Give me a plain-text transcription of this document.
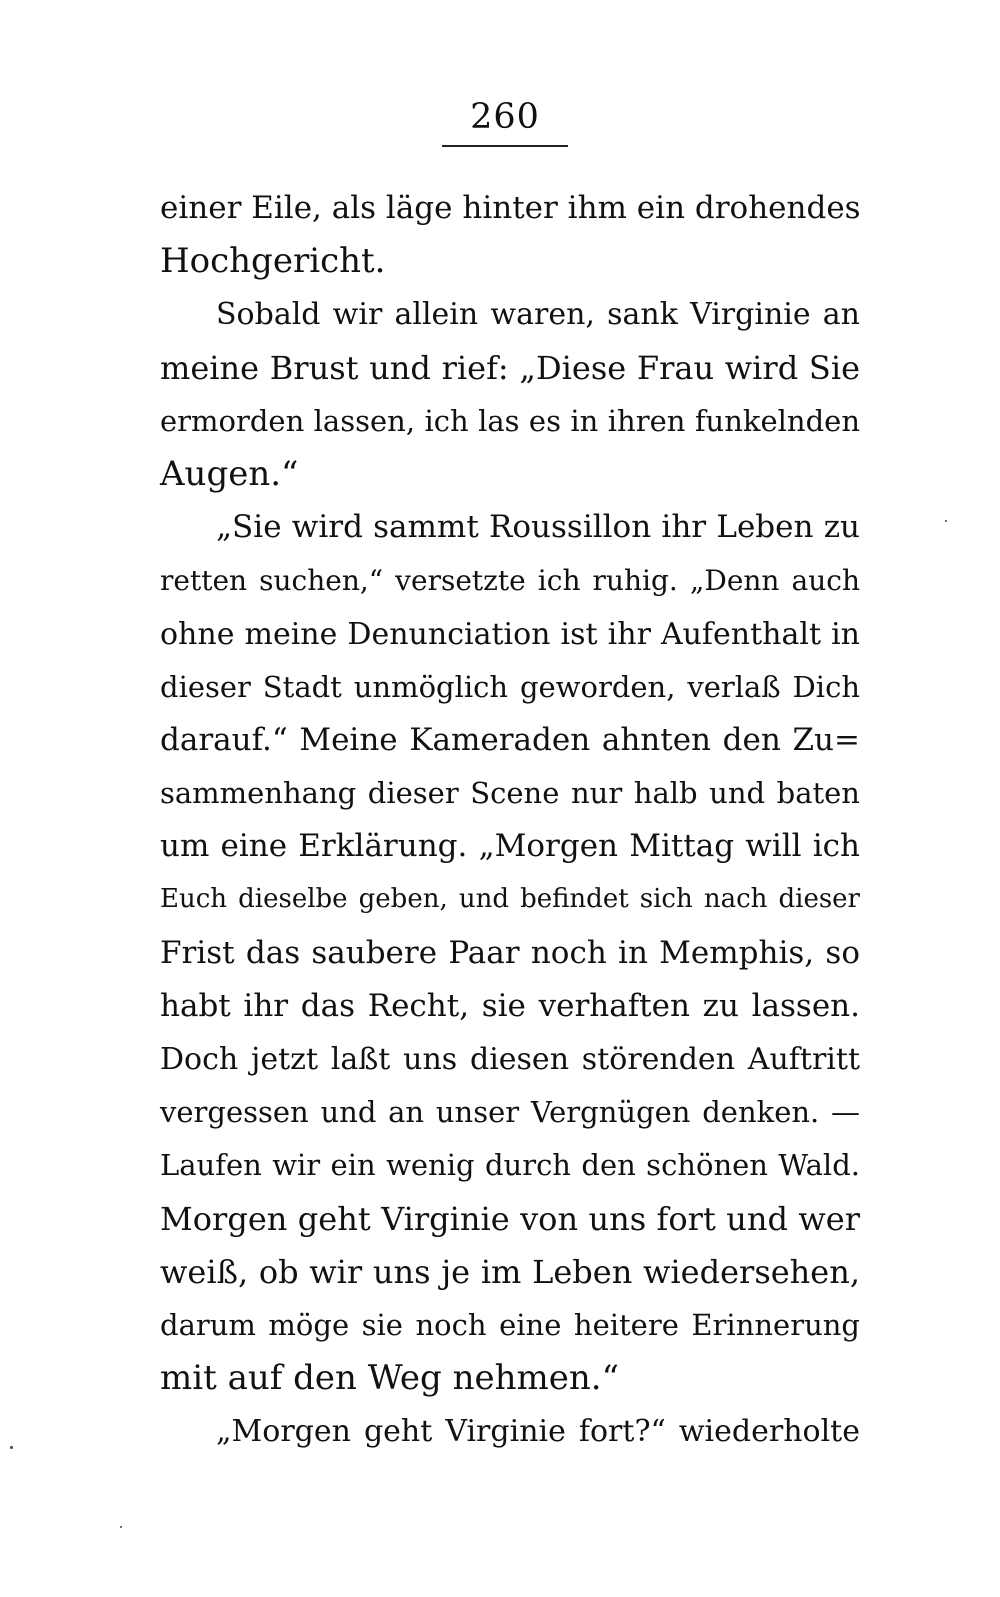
260
einer Eile, als läge hinter ihm ein drohendes
Hochgericht.
Sobald wir allein waren, sank Virginie an
meine Brust und rief: „Diese Frau wird Sie
ermorden lassen, ich las es in ihren funkelnden
Augen.“
„Sie wird sammt Roussillon ihr Leben zu
retten suchen,“ versetzte ich ruhig. „Denn auch
ohne meine Denunciation ist ihr Aufenthalt in
dieser Stadt unmöglich geworden, verlaß Dich
darauf.“ Meine Kameraden ahnten den Zu=
sammenhang dieser Scene nur halb und baten
um eine Erklärung. „Morgen Mittag will ich
Euch dieselbe geben, und befindet sich nach dieser
Frist das saubere Paar noch in Memphis, so
habt ihr das Recht, sie verhaften zu lassen.
Doch jetzt laßt uns diesen störenden Auftritt
vergessen und an unser Vergnügen denken. —
Laufen wir ein wenig durch den schönen Wald.
Morgen geht Virginie von uns fort und wer
weiß, ob wir uns je im Leben wiedersehen,
darum möge sie noch eine heitere Erinnerung
mit auf den Weg nehmen.“
„Morgen geht Virginie fort?“ wiederholte
